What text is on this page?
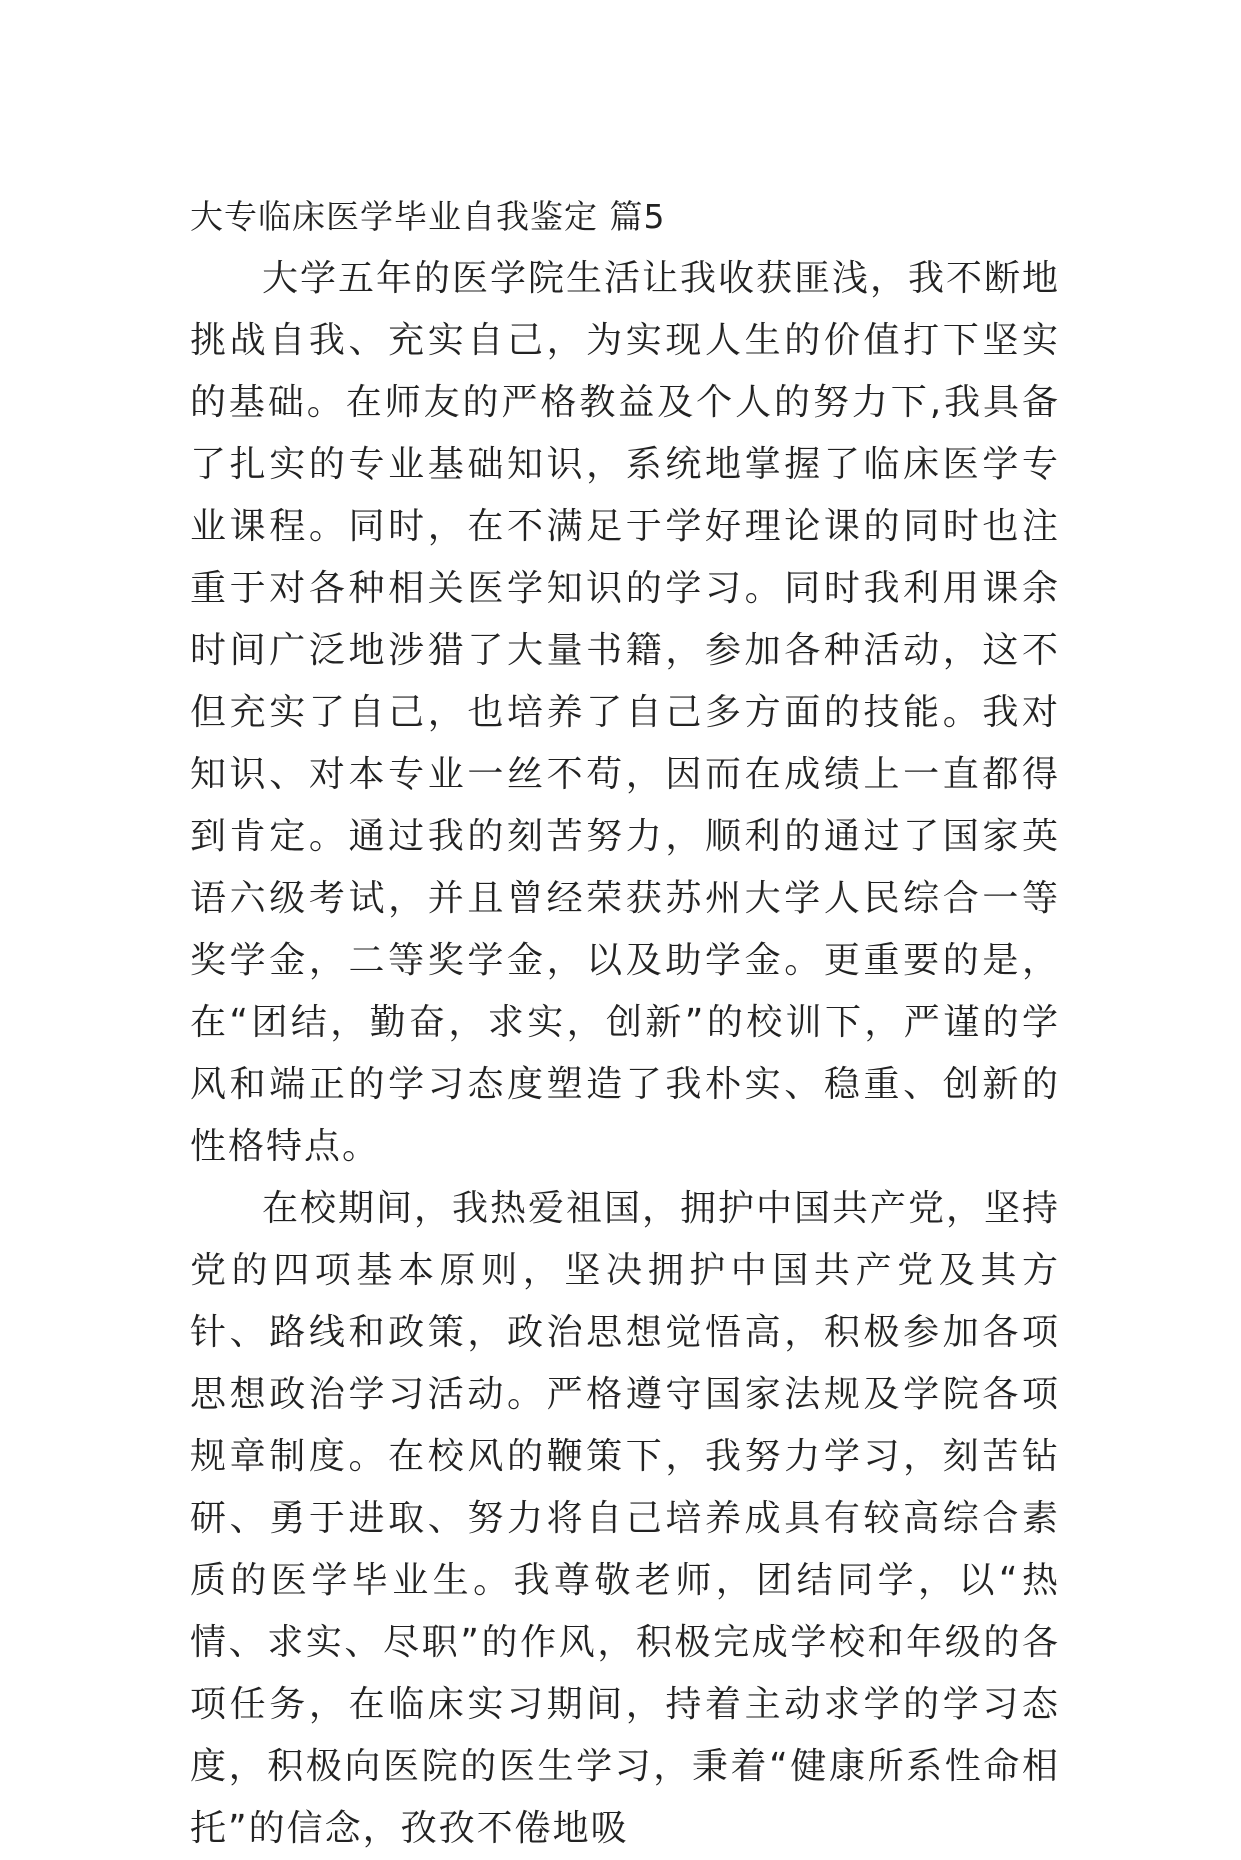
大专临床医学毕业自我鉴定 篇5

大学五年的医学院生活让我收获匪浅，我不断地挑战自我、充实自己，为实现人生的价值打下坚实的基础。在师友的严格教益及个人的努力下,我具备了扎实的专业基础知识，系统地掌握了临床医学专业课程。同时，在不满足于学好理论课的同时也注重于对各种相关医学知识的学习。同时我利用课余时间广泛地涉猎了大量书籍，参加各种活动，这不但充实了自己，也培养了自己多方面的技能。我对知识、对本专业一丝不苟，因而在成绩上一直都得到肯定。通过我的刻苦努力，顺利的通过了国家英语六级考试，并且曾经荣获苏州大学人民综合一等奖学金，二等奖学金，以及助学金。更重要的是，在“团结，勤奋，求实，创新”的校训下，严谨的学风和端正的学习态度塑造了我朴实、稳重、创新的性格特点。

在校期间，我热爱祖国，拥护中国共产党，坚持党的四项基本原则，坚决拥护中国共产党及其方针、路线和政策，政治思想觉悟高，积极参加各项思想政治学习活动。严格遵守国家法规及学院各项规章制度。在校风的鞭策下，我努力学习，刻苦钻研、勇于进取、努力将自己培养成具有较高综合素质的医学毕业生。我尊敬老师，团结同学，以“热情、求实、尽职”的作风，积极完成学校和年级的各项任务，在临床实习期间，持着主动求学的学习态度，积极向医院的医生学习，秉着“健康所系性命相托”的信念，孜孜不倦地吸
